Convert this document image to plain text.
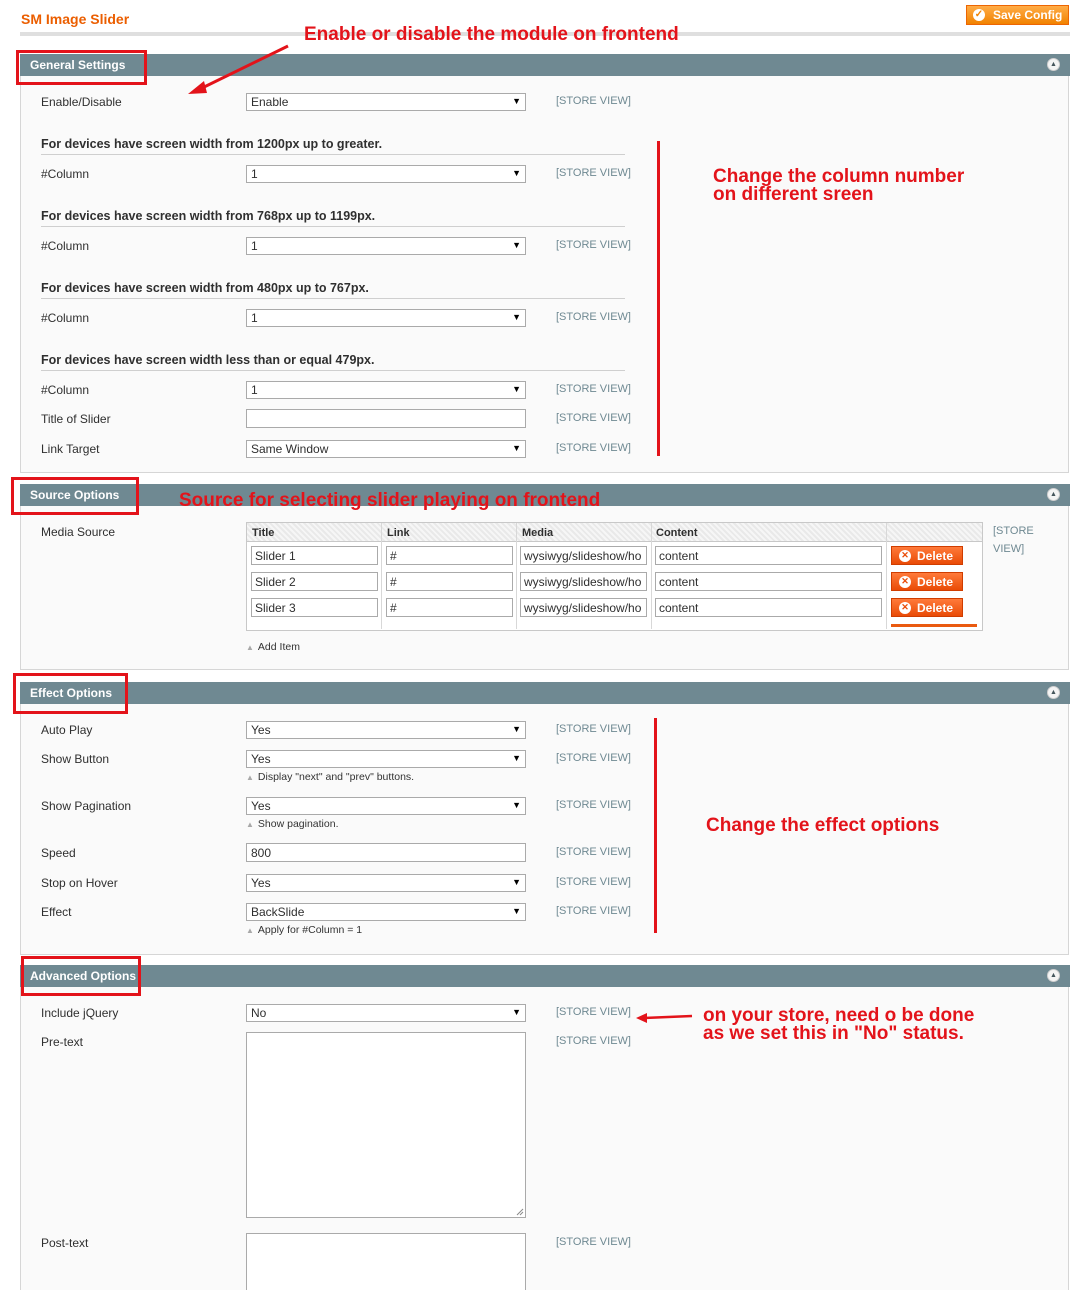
SM Image Slider	✓ Save Config
General Settings	▲
Enable/Disable	Enable	▼	[STORE VIEW]
For devices have screen width from 1200px up to greater.
#Column	1	▼	[STORE VIEW]
For devices have screen width from 768px up to 1199px.
#Column	1	▼	[STORE VIEW]
For devices have screen width from 480px up to 767px.
#Column	1	▼	[STORE VIEW]
For devices have screen width less than or equal 479px.
#Column	1	▼	[STORE VIEW]
Title of Slider	[STORE VIEW]
Link Target	Same Window	▼	[STORE VIEW]
Enable or disable the module on frontend
Change the column number
on different sreen
Source Options	▲
Source for selecting slider playing on frontend
Media Source	Title	Link	Media	Content
Slider 1	#	wysiwyg/slideshow/ho	content	✕ Delete
Slider 2	#	wysiwyg/slideshow/ho	content	✕ Delete
Slider 3	#	wysiwyg/slideshow/ho	content	✕ Delete
[STORE
VIEW]
▲ Add Item
Effect Options	▲
Auto Play	Yes	▼	[STORE VIEW]
Show Button	Yes	▼	[STORE VIEW]
▲ Display "next" and "prev" buttons.
Show Pagination	Yes	▼	[STORE VIEW]
▲ Show pagination.
Speed	800	[STORE VIEW]
Stop on Hover	Yes	▼	[STORE VIEW]
Effect	BackSlide	▼	[STORE VIEW]
▲ Apply for #Column = 1
Change the effect options
Advanced Options	▲
Include jQuery	No	▼	[STORE VIEW]
Pre-text	[STORE VIEW]
Post-text	[STORE VIEW]
on your store, need o be done
as we set this in "No" status.
